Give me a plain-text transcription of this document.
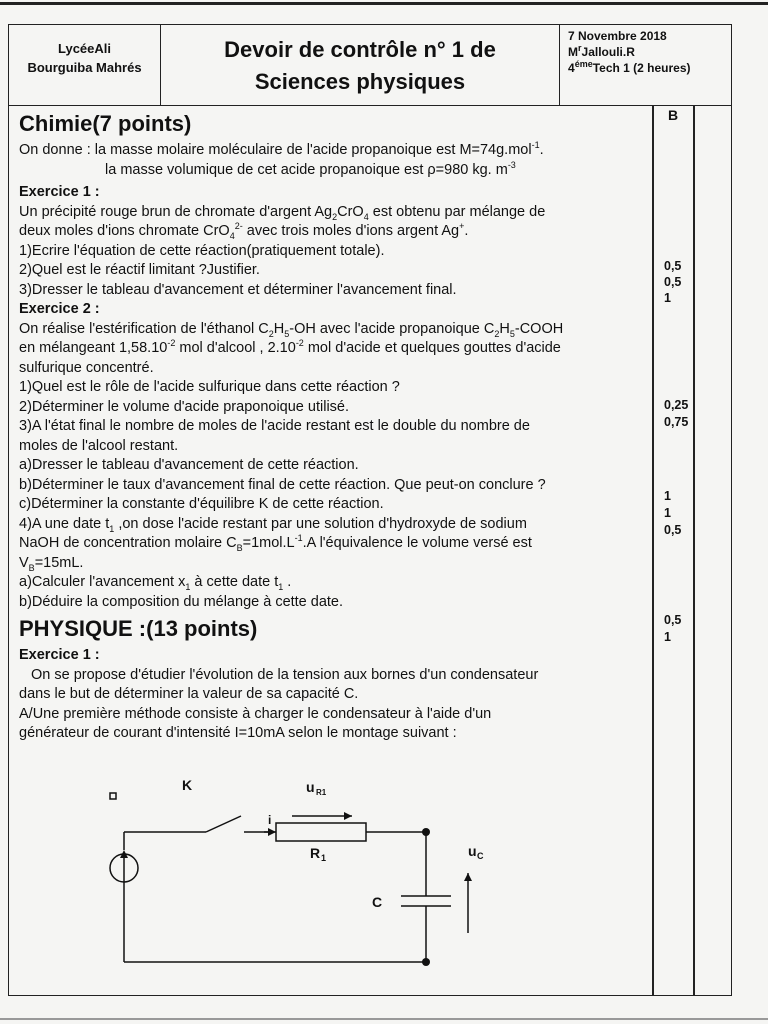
LycéeAli
Bourguiba Mahrés
Devoir de contrôle n° 1 de
Sciences physiques
7 Novembre 2018
$M^rJallouli.R$
$4^{éme}Tech$ 1 (2 heures)
B
Chimie(7 points)

On donne : la masse molaire moléculaire de l'acide propanoique est M=74g.mol$^{-1}$.

la masse volumique de cet acide propanoique est ρ=980 kg. $m^{-3}$

Exercice 1 :

Un précipité rouge brun de chromate d'argent $Ag_2CrO_4$ est obtenu par mélange de

deux moles d'ions chromate CrO$_4^{2-}$ avec trois moles d'ions argent Ag+.

1)Ecrire l'équation de cette réaction(pratiquement totale).

2)Quel est le réactif limitant ?Justifier.

3)Dresser le tableau d'avancement et déterminer l'avancement final.

Exercice 2 :

On réalise l'estérification de l'éthanol $C_2H_5-OH$ avec l'acide propanoique $C_2H_5$-COOH

en mélangeant $1,58.10^{-2}$ mol d'alcool , $2.10^{-2}$ mol d'acide et quelques gouttes d'acide

sulfurique concentré.

1)Quel est le rôle de l'acide sulfurique dans cette réaction ?

2)Déterminer le volume d'acide praponoique utilisé.

3)A l'état final le nombre de moles de l'acide restant est le double du nombre de

moles de l'alcool restant.

a)Dresser le tableau d'avancement de cette réaction.

b)Déterminer le taux d'avancement final de cette réaction. Que peut-on conclure ?

c)Déterminer la constante d'équilibre K de cette réaction.

4)A une date $t_1$ ,on dose l'acide restant par une solution d'hydroxyde de sodium

NaOH de concentration molaire $C_B=1mol.L^{-1}.A$ l'équivalence le volume versé est

$V_B=15mL$.

a)Calculer l'avancement $x_1$ à cette date $t_1$ .

b)Déduire la composition du mélange à cette date.

PHYSIQUE :(13 points)

Exercice 1 :

On se propose d'étudier l'évolution de la tension aux bornes d'un condensateur

dans le but de déterminer la valeur de sa capacité C.

A/Une première méthode consiste à charger le condensateur à l'aide d'un

générateur de courant d'intensité I=10mA selon le montage suivant :

0,5
0,5
1
0,25
0,75
1
1
0,5
0,5
1
K	u R1
i
R 1
C
u C
